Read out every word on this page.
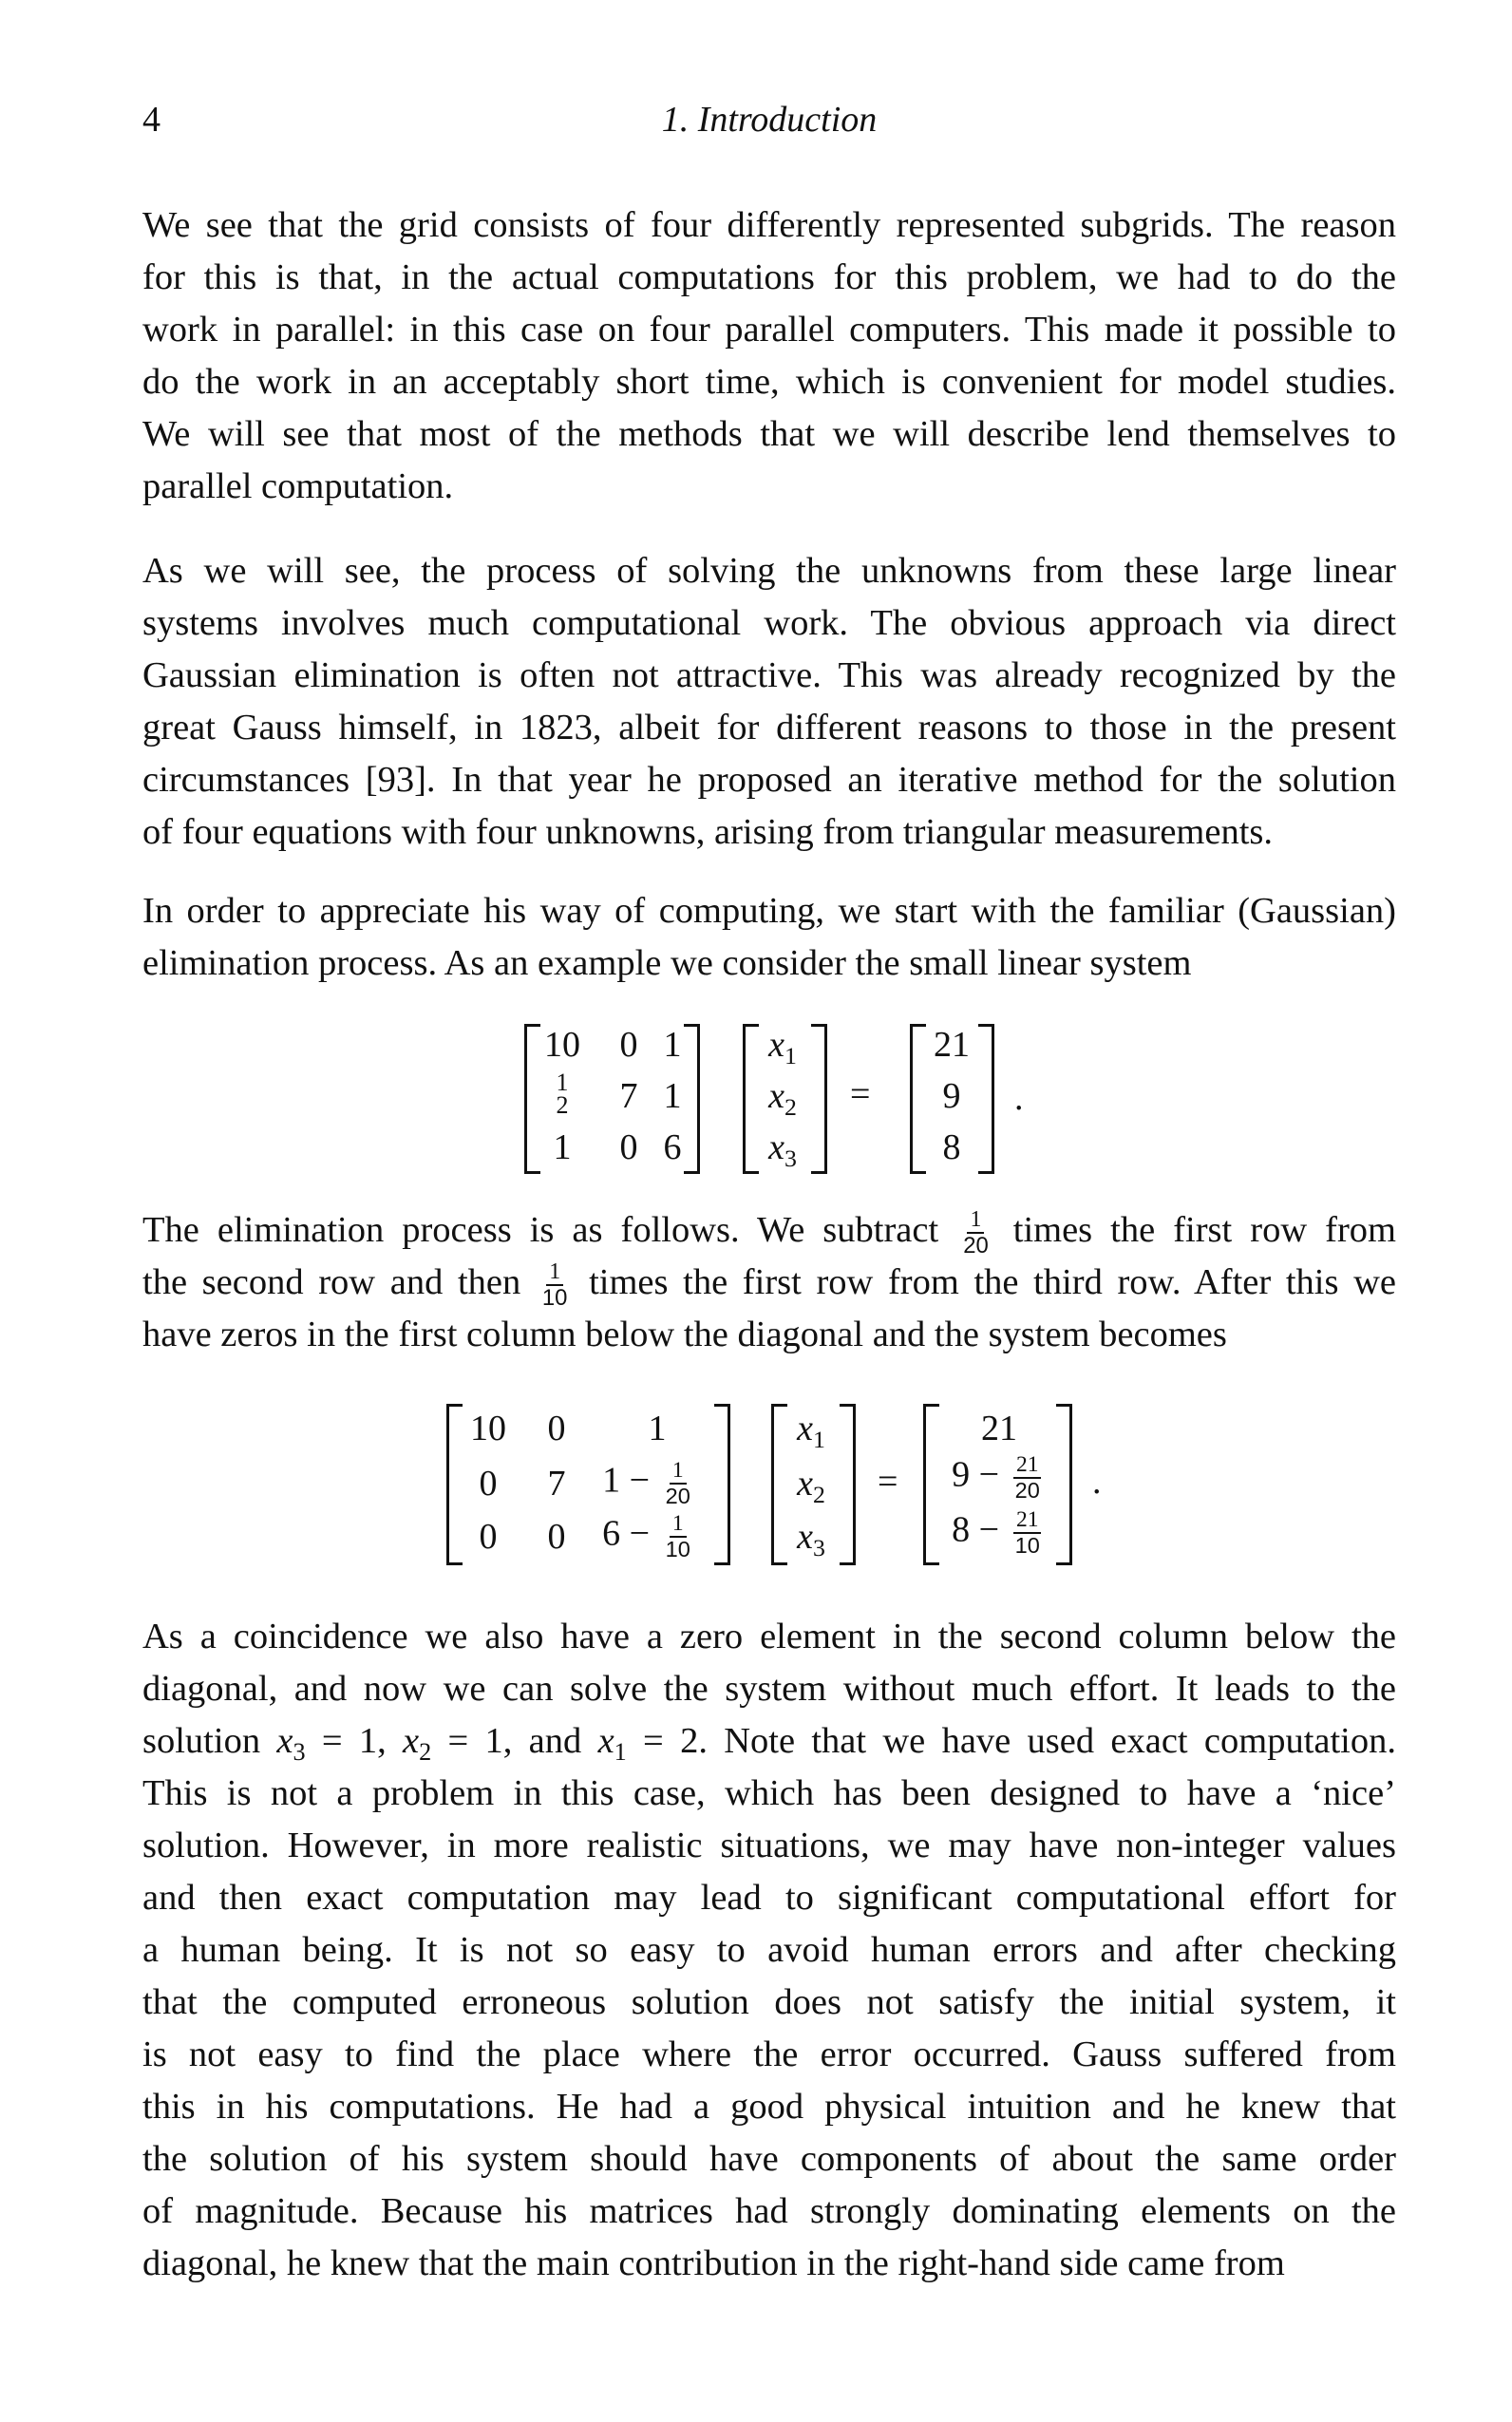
4	1. Introduction
We see that the grid consists of four differently represented subgrids. The reason
for this is that, in the actual computations for this problem, we had to do the
work in parallel: in this case on four parallel computers. This made it possible to
do the work in an acceptably short time, which is convenient for model studies.
We will see that most of the methods that we will describe lend themselves to
parallel computation.
As we will see, the process of solving the unknowns from these large linear
systems involves much computational work. The obvious approach via direct
Gaussian elimination is often not attractive. This was already recognized by the
great Gauss himself, in 1823, albeit for different reasons to those in the present
circumstances [93]. In that year he proposed an iterative method for the solution
of four equations with four unknowns, arising from triangular measurements.
In order to appreciate his way of computing, we start with the familiar (Gaussian)
elimination process. As an example we consider the small linear system
10 0 1
1
2	7 1
1 0 6
$x_1$
$x_2$
$x_3$
=
21
9
8
.
The elimination process is as follows. We subtract $\frac{1}{20}$ times the first row from
the second row and then $\frac{1}{10}$ times the first row from the third row. After this we
have zeros in the first column below the diagonal and the system becomes
10 0 1
0 7	$1 - \frac{1}{20}$
0 0	$6 - \frac{1}{10}$
$x_1$
$x_2$
$x_3$
=
21
$9 - \frac{21}{20}$
$8 - \frac{21}{10}$
.
As a coincidence we also have a zero element in the second column below the
diagonal, and now we can solve the system without much effort. It leads to the
solution $x_3 = 1$, $x_2 = 1$, and $x_1 = 2$. Note that we have used exact computation.
This is not a problem in this case, which has been designed to have a ‘nice’
solution. However, in more realistic situations, we may have non-integer values
and then exact computation may lead to significant computational effort for
a human being. It is not so easy to avoid human errors and after checking
that the computed erroneous solution does not satisfy the initial system, it
is not easy to find the place where the error occurred. Gauss suffered from
this in his computations. He had a good physical intuition and he knew that
the solution of his system should have components of about the same order
of magnitude. Because his matrices had strongly dominating elements on the
diagonal, he knew that the main contribution in the right-hand side came from
